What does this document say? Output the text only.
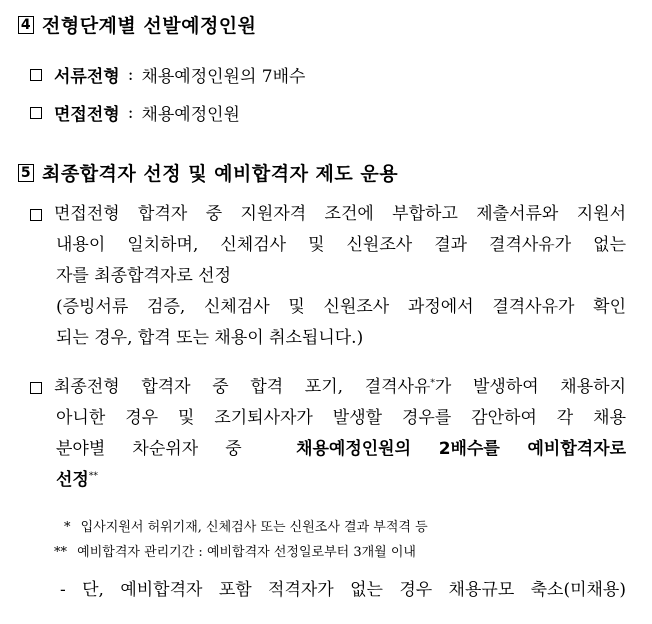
4 전형단계별 선발예정인원
서류전형 : 채용예정인원의 7배수
면접전형 : 채용예정인원
5 최종합격자 선정 및 예비합격자 제도 운용
면접전형 합격자 중 지원자격 조건에 부합하고 제출서류와 지원서
내용이 일치하며, 신체검사 및 신원조사 결과 결격사유가 없는
자를 최종합격자로 선정
(증빙서류 검증, 신체검사 및 신원조사 과정에서 결격사유가 확인
되는 경우, 합격 또는 채용이 취소됩니다.)
최종전형 합격자 중 합격 포기, 결격사유*가 발생하여 채용하지
아니한 경우 및 조기퇴사자가 발생할 경우를 감안하여 각 채용
분야별 차순위자 중	채용예정인원의 2배수를 예비합격자로
선정**
* 입사지원서 허위기재, 신체검사 또는 신원조사 결과 부적격 등
** 예비합격자 관리기간 : 예비합격자 선정일로부터 3개월 이내
- 단, 예비합격자 포함 적격자가 없는 경우 채용규모 축소(미채용)
